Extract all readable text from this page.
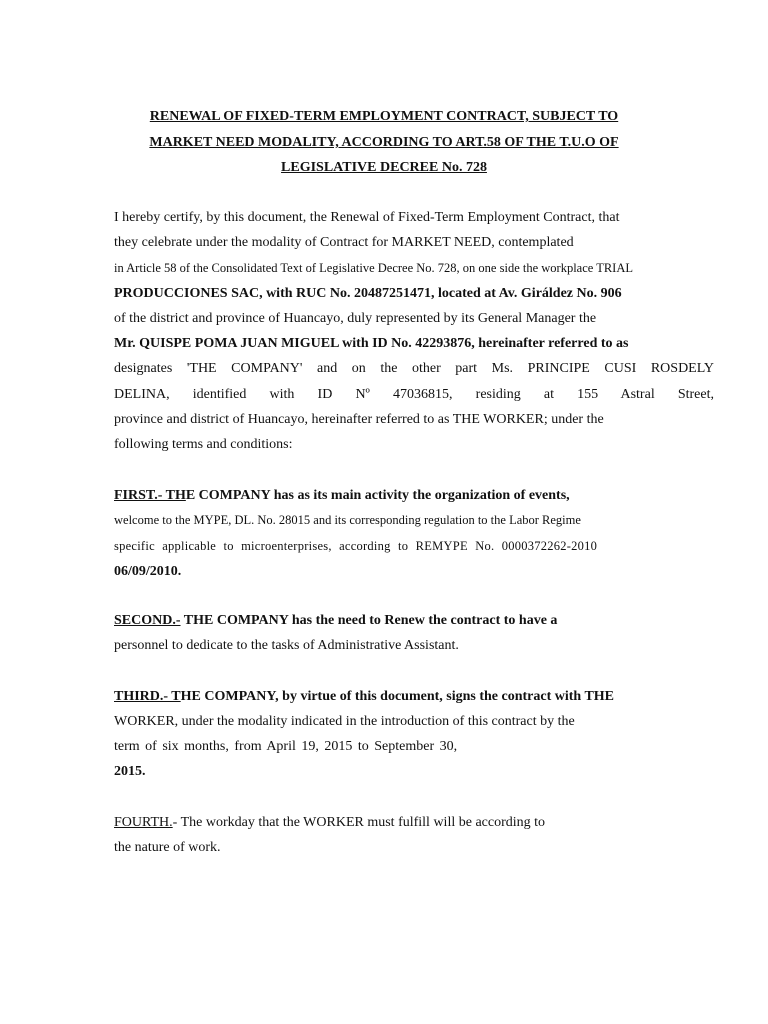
RENEWAL OF FIXED-TERM EMPLOYMENT CONTRACT, SUBJECT TO
MARKET NEED MODALITY, ACCORDING TO ART.58 OF THE T.U.O OF
LEGISLATIVE DECREE No. 728
I hereby certify, by this document, the Renewal of Fixed-Term Employment Contract, that
they celebrate under the modality of Contract for MARKET NEED, contemplated
in Article 58 of the Consolidated Text of Legislative Decree No. 728, on one side the workplace TRIAL
PRODUCCIONES SAC, with RUC No. 20487251471, located at Av. Giráldez No. 906
of the district and province of Huancayo, duly represented by its General Manager the
Mr. QUISPE POMA JUAN MIGUEL with ID No. 42293876, hereinafter referred to as
designates 'THE COMPANY' and on the other part Ms. PRINCIPE CUSI ROSDELY
DELINA, identified with ID Nº 47036815, residing at 155 Astral Street,
province and district of Huancayo, hereinafter referred to as THE WORKER; under the
following terms and conditions:
FIRST.- THE COMPANY has as its main activity the organization of events,
welcome to the MYPE, DL. No. 28015 and its corresponding regulation to the Labor Regime
specific applicable to microenterprises, according to REMYPE No. 0000372262-2010
06/09/2010.
SECOND.- THE COMPANY has the need to Renew the contract to have a
personnel to dedicate to the tasks of Administrative Assistant.
THIRD.- THE COMPANY, by virtue of this document, signs the contract with THE
WORKER, under the modality indicated in the introduction of this contract by the
term of six months, from April 19, 2015 to September 30,
2015.
FOURTH.- The workday that the WORKER must fulfill will be according to
the nature of work.
